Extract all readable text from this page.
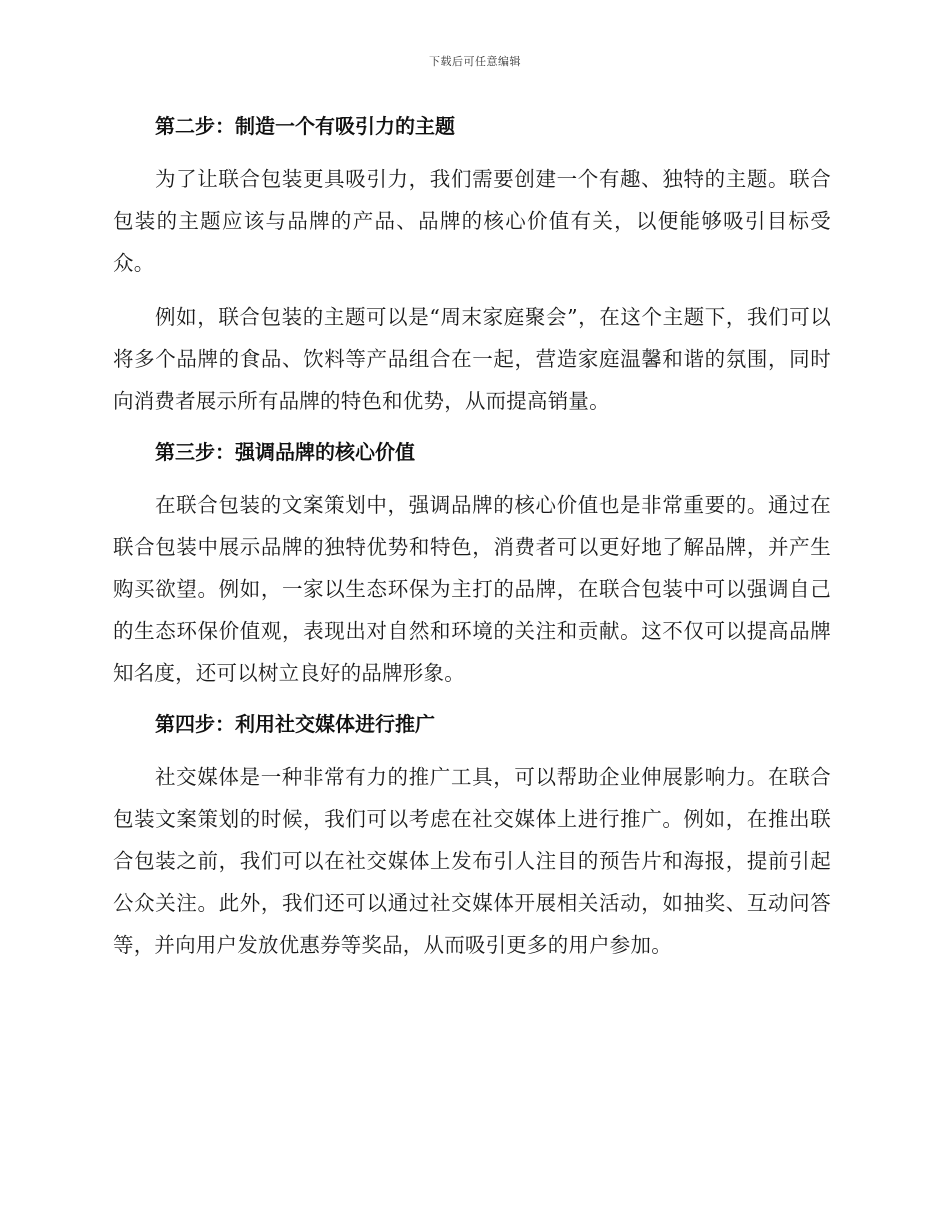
下载后可任意编辑
第二步：制造一个有吸引力的主题

为了让联合包装更具吸引力，我们需要创建一个有趣、独特的主题。联合包装的主题应该与品牌的产品、品牌的核心价值有关，以便能够吸引目标受众。

例如，联合包装的主题可以是“周末家庭聚会”，在这个主题下，我们可以将多个品牌的食品、饮料等产品组合在一起，营造家庭温馨和谐的氛围，同时向消费者展示所有品牌的特色和优势，从而提高销量。

第三步：强调品牌的核心价值

在联合包装的文案策划中，强调品牌的核心价值也是非常重要的。通过在联合包装中展示品牌的独特优势和特色，消费者可以更好地了解品牌，并产生购买欲望。例如，一家以生态环保为主打的品牌，在联合包装中可以强调自己的生态环保价值观，表现出对自然和环境的关注和贡献。这不仅可以提高品牌知名度，还可以树立良好的品牌形象。

第四步：利用社交媒体进行推广

社交媒体是一种非常有力的推广工具，可以帮助企业伸展影响力。在联合包装文案策划的时候，我们可以考虑在社交媒体上进行推广。例如，在推出联合包装之前，我们可以在社交媒体上发布引人注目的预告片和海报，提前引起公众关注。此外，我们还可以通过社交媒体开展相关活动，如抽奖、互动问答等，并向用户发放优惠券等奖品，从而吸引更多的用户参加。
